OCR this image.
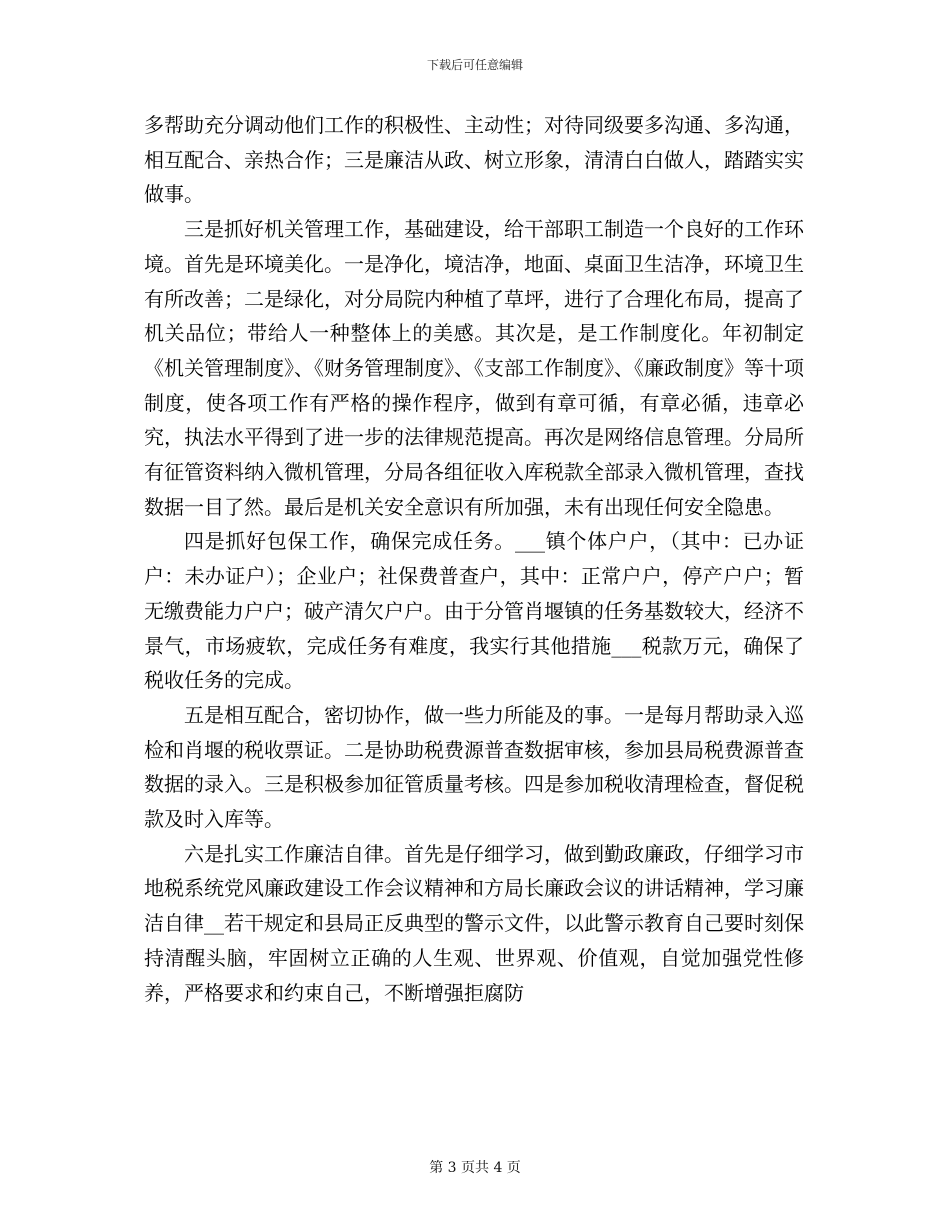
下载后可任意编辑

多帮助充分调动他们工作的积极性、主动性；对待同级要多沟通、多沟通，相互配合、亲热合作；三是廉洁从政、树立形象，清清白白做人，踏踏实实做事。

三是抓好机关管理工作，基础建设，给干部职工制造一个良好的工作环境。首先是环境美化。一是净化，境洁净，地面、桌面卫生洁净，环境卫生有所改善；二是绿化，对分局院内种植了草坪，进行了合理化布局，提高了机关品位；带给人一种整体上的美感。其次是，是工作制度化。年初制定《机关管理制度》、《财务管理制度》、《支部工作制度》、《廉政制度》等十项制度，使各项工作有严格的操作程序，做到有章可循，有章必循，违章必究，执法水平得到了进一步的法律规范提高。再次是网络信息管理。分局所有征管资料纳入微机管理，分局各组征收入库税款全部录入微机管理，查找数据一目了然。最后是机关安全意识有所加强，未有出现任何安全隐患。

四是抓好包保工作，确保完成任务。___镇个体户户，（其中：已办证户：未办证户）；企业户；社保费普查户，其中：正常户户，停产户户；暂无缴费能力户户；破产清欠户户。由于分管肖堰镇的任务基数较大，经济不景气，市场疲软，完成任务有难度，我实行其他措施___税款万元，确保了税收任务的完成。

五是相互配合，密切协作，做一些力所能及的事。一是每月帮助录入巡检和肖堰的税收票证。二是协助税费源普查数据审核，参加县局税费源普查数据的录入。三是积极参加征管质量考核。四是参加税收清理检查，督促税款及时入库等。

六是扎实工作廉洁自律。首先是仔细学习，做到勤政廉政，仔细学习市地税系统党风廉政建设工作会议精神和方局长廉政会议的讲话精神，学习廉洁自律__若干规定和县局正反典型的警示文件，以此警示教育自己要时刻保持清醒头脑，牢固树立正确的人生观、世界观、价值观，自觉加强党性修养，严格要求和约束自己，不断增强拒腐防

第 3 页共 4 页
